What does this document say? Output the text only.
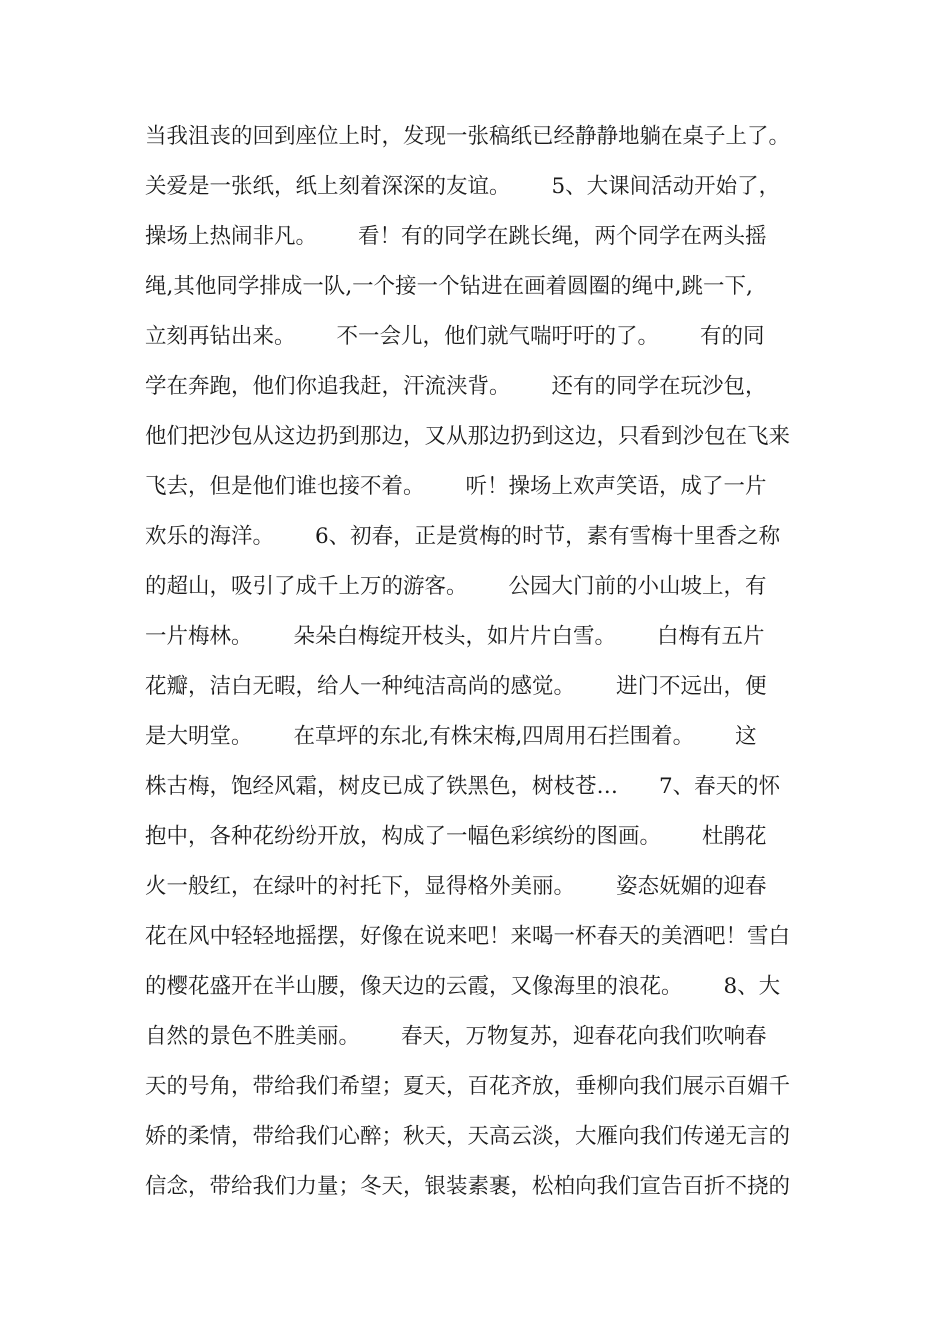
当我沮丧的回到座位上时，发现一张稿纸已经静静地躺在桌子上了。
关爱是一张纸，纸上刻着深深的友谊。      5、大课间活动开始了，
操场上热闹非凡。      看！有的同学在跳长绳，两个同学在两头摇
绳,其他同学排成一队,一个接一个钻进在画着圆圈的绳中,跳一下,
立刻再钻出来。      不一会儿，他们就气喘吁吁的了。      有的同
学在奔跑，他们你追我赶，汗流浃背。      还有的同学在玩沙包，
他们把沙包从这边扔到那边，又从那边扔到这边，只看到沙包在飞来
飞去，但是他们谁也接不着。      听！操场上欢声笑语，成了一片
欢乐的海洋。      6、初春，正是赏梅的时节，素有雪梅十里香之称
的超山，吸引了成千上万的游客。      公园大门前的小山坡上，有
一片梅林。      朵朵白梅绽开枝头，如片片白雪。      白梅有五片
花瓣，洁白无暇，给人一种纯洁高尚的感觉。      进门不远出，便
是大明堂。      在草坪的东北,有株宋梅,四周用石拦围着。      这
株古梅，饱经风霜，树皮已成了铁黑色，树枝苍…      7、春天的怀
抱中，各种花纷纷开放，构成了一幅色彩缤纷的图画。      杜鹃花
火一般红，在绿叶的衬托下，显得格外美丽。      姿态妩媚的迎春
花在风中轻轻地摇摆，好像在说来吧！来喝一杯春天的美酒吧！雪白
的樱花盛开在半山腰，像天边的云霞，又像海里的浪花。      8、大
自然的景色不胜美丽。      春天，万物复苏，迎春花向我们吹响春
天的号角，带给我们希望；夏天，百花齐放，垂柳向我们展示百媚千
娇的柔情，带给我们心醉；秋天，天高云淡，大雁向我们传递无言的
信念，带给我们力量；冬天，银装素裹，松柏向我们宣告百折不挠的
